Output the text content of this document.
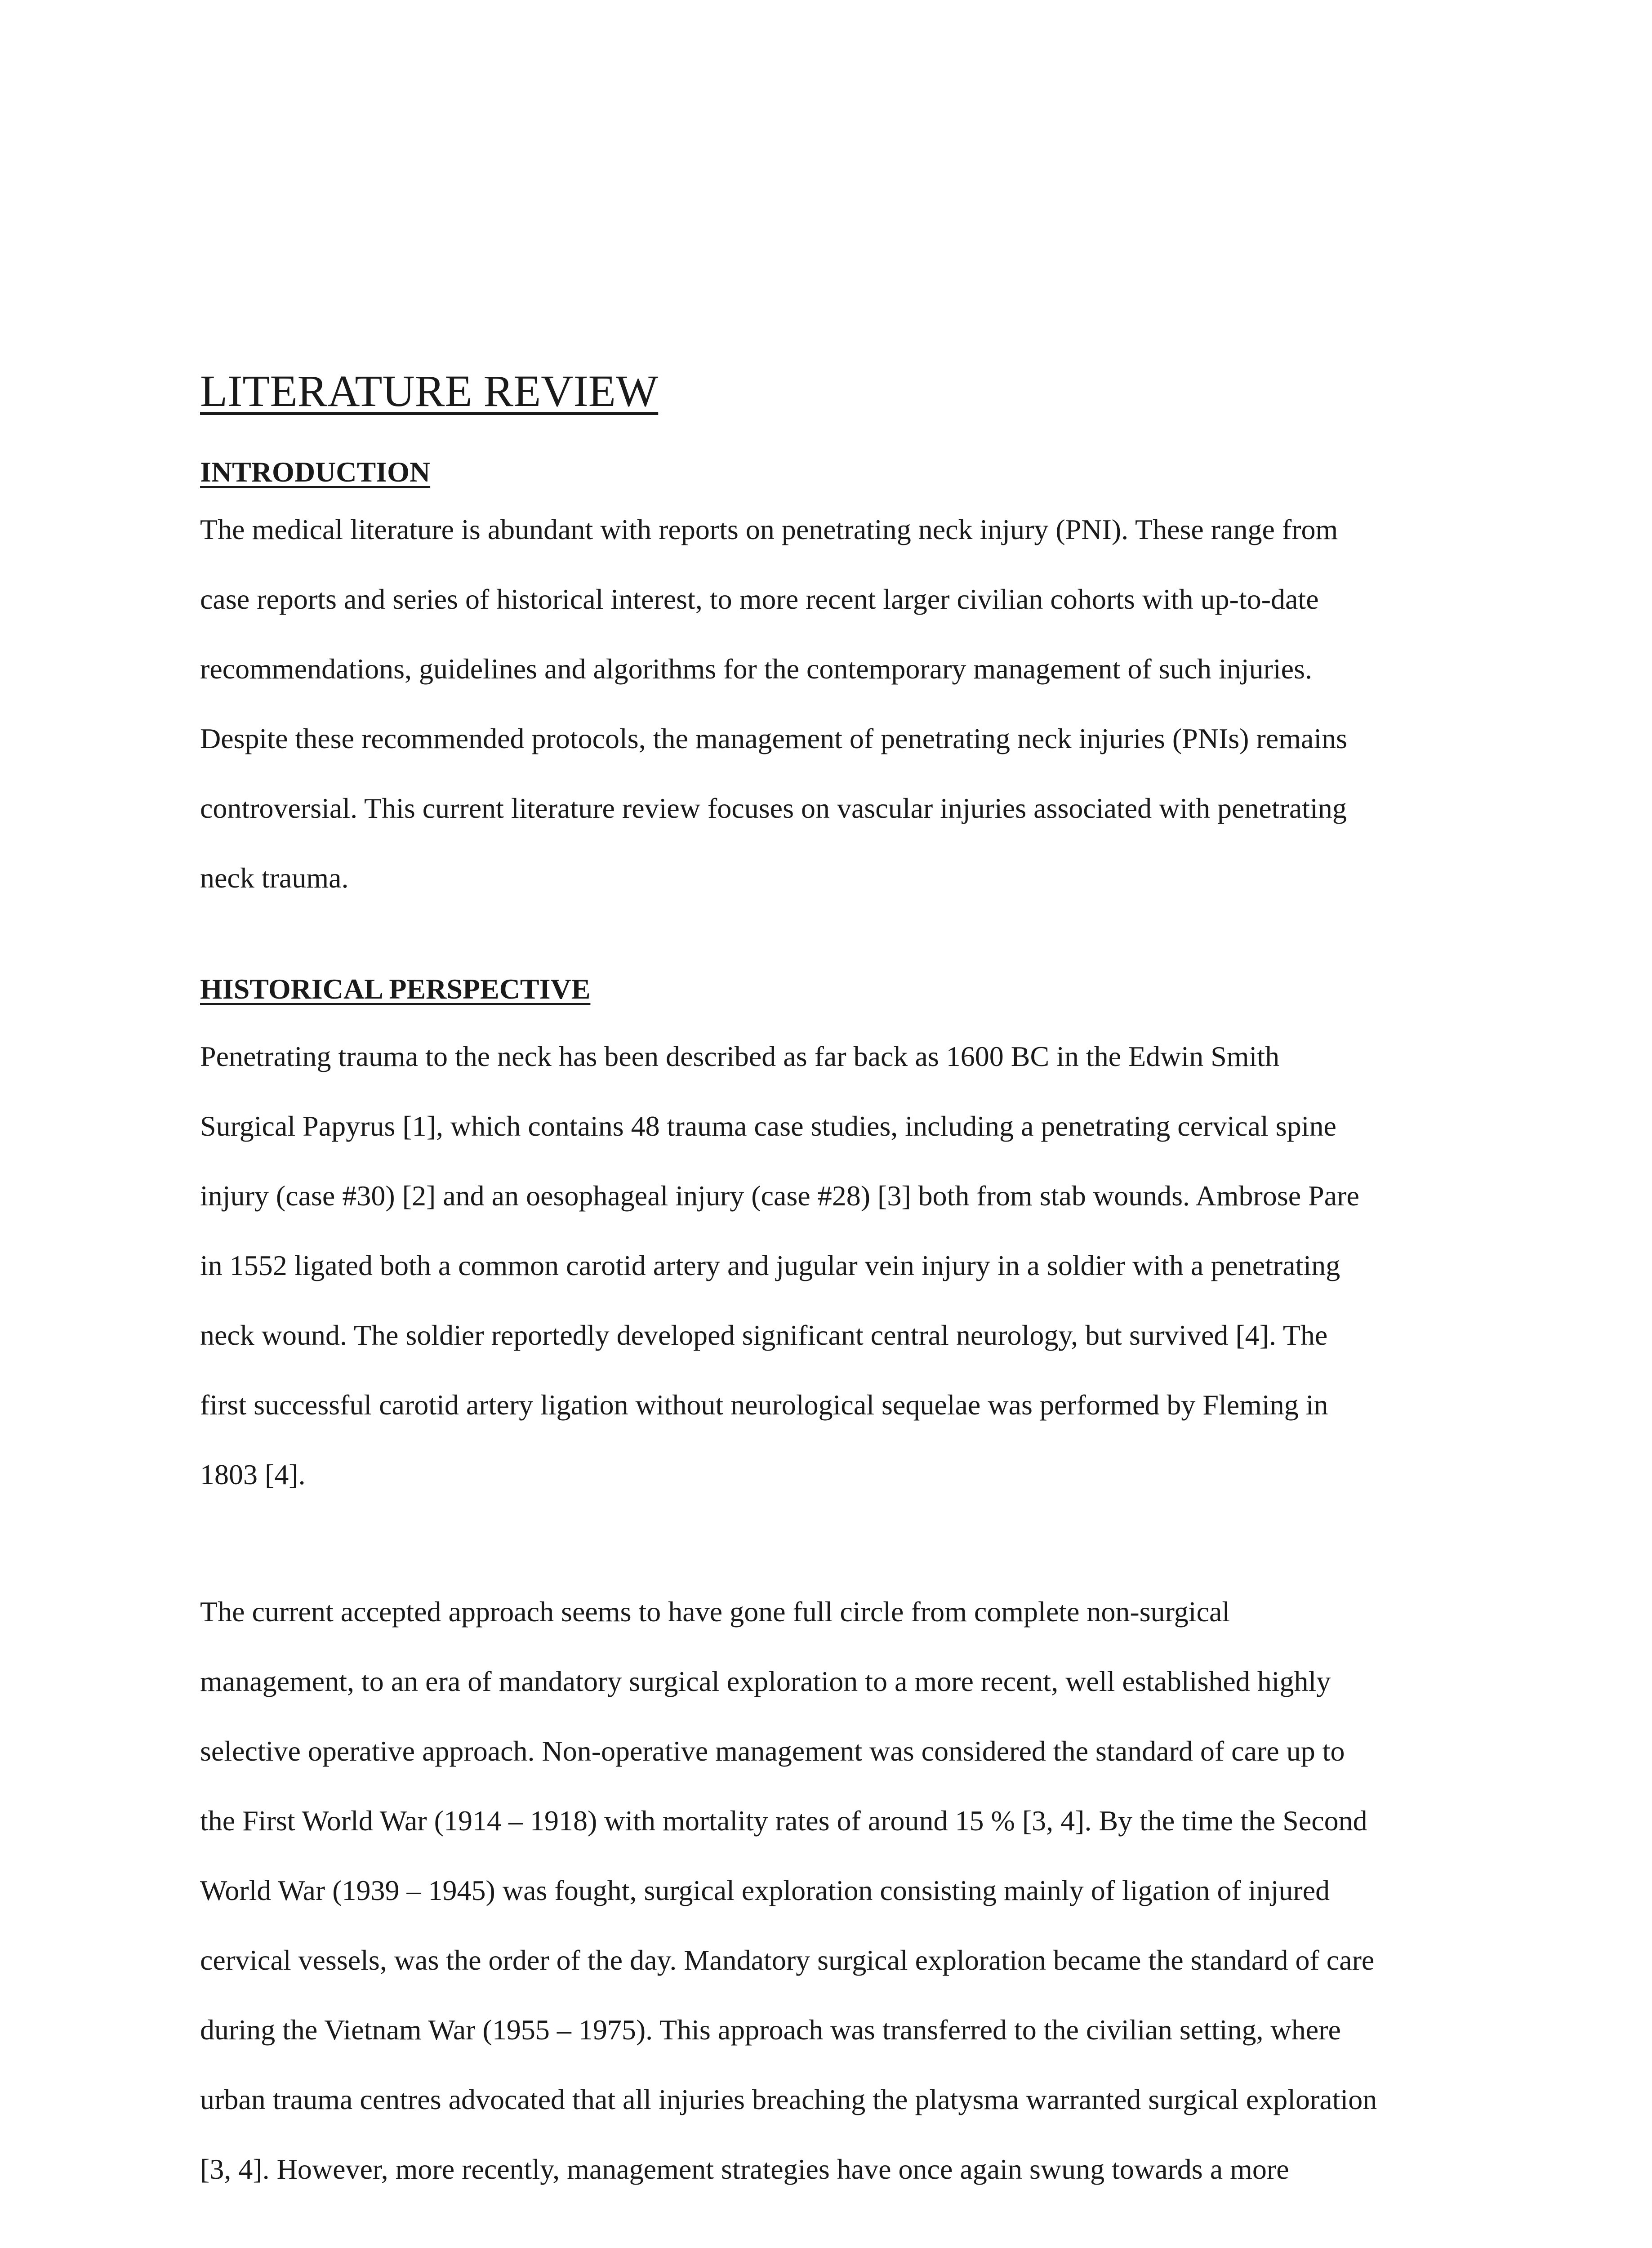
LITERATURE REVIEW
INTRODUCTION
The medical literature is abundant with reports on penetrating neck injury (PNI). These range from
case reports and series of historical interest, to more recent larger civilian cohorts with up-to-date
recommendations, guidelines and algorithms for the contemporary management of such injuries.
Despite these recommended protocols, the management of penetrating neck injuries (PNIs) remains
controversial. This current literature review focuses on vascular injuries associated with penetrating
neck trauma.
HISTORICAL PERSPECTIVE
Penetrating trauma to the neck has been described as far back as 1600 BC in the Edwin Smith
Surgical Papyrus [1], which contains 48 trauma case studies, including a penetrating cervical spine
injury (case #30) [2] and an oesophageal injury (case #28) [3] both from stab wounds. Ambrose Pare
in 1552 ligated both a common carotid artery and jugular vein injury in a soldier with a penetrating
neck wound. The soldier reportedly developed significant central neurology, but survived [4]. The
first successful carotid artery ligation without neurological sequelae was performed by Fleming in
1803 [4].
The current accepted approach seems to have gone full circle from complete non-surgical
management, to an era of mandatory surgical exploration to a more recent, well established highly
selective operative approach. Non-operative management was considered the standard of care up to
the First World War (1914 – 1918) with mortality rates of around 15 % [3, 4]. By the time the Second
World War (1939 – 1945) was fought, surgical exploration consisting mainly of ligation of injured
cervical vessels, was the order of the day. Mandatory surgical exploration became the standard of care
during the Vietnam War (1955 – 1975). This approach was transferred to the civilian setting, where
urban trauma centres advocated that all injuries breaching the platysma warranted surgical exploration
[3, 4]. However, more recently, management strategies have once again swung towards a more
